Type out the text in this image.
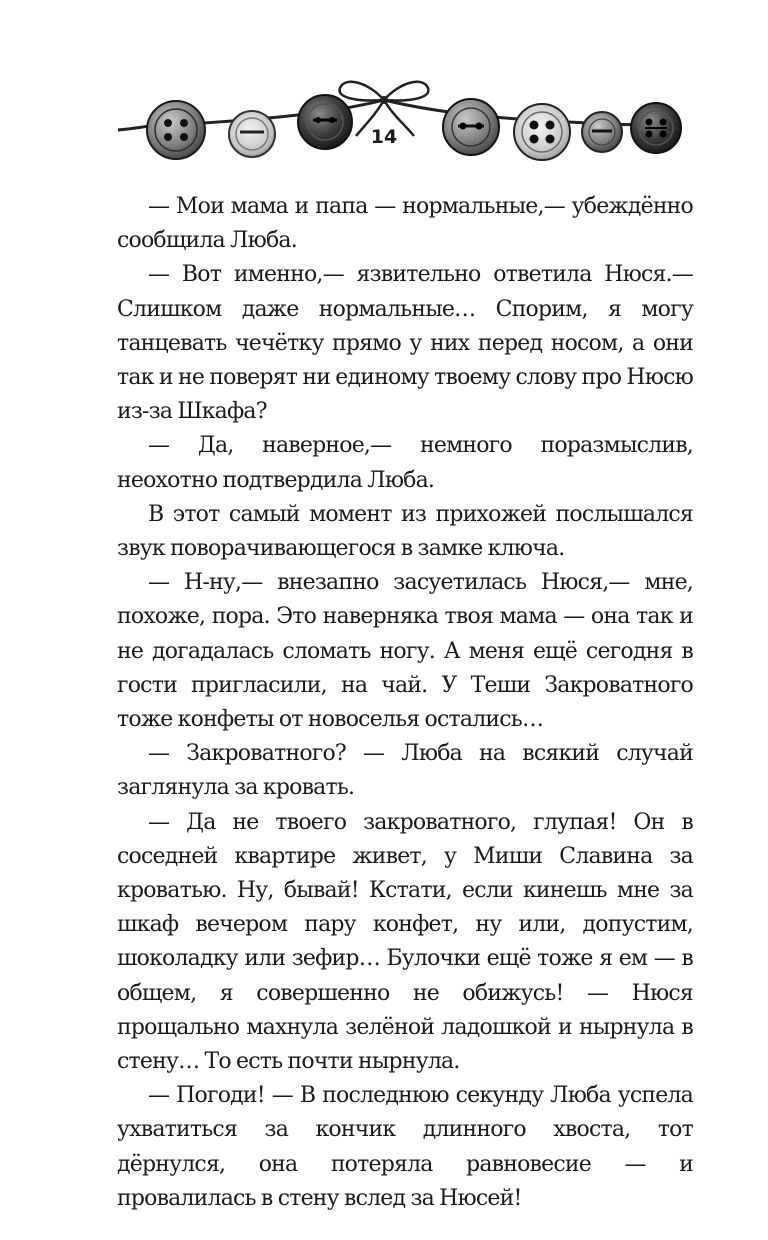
14

— Мои мама и папа — нормальные,— убеждённо сообщила Люба.

— Вот именно,— язвительно ответила Нюся.— Слишком даже нормальные… Спорим, я могу танцевать чечётку прямо у них перед носом, а они так и не поверят ни единому твоему слову про Нюсю из-за Шкафа?

— Да, наверное,— немного поразмыслив, неохотно подтвердила Люба.

В этот самый момент из прихожей послышался звук поворачивающегося в замке ключа.

— Н-ну,— внезапно засуетилась Нюся,— мне, похоже, пора. Это наверняка твоя мама — она так и не догадалась сломать ногу. А меня ещё сегодня в гости пригласили, на чай. У Теши Закроватного тоже конфеты от новоселья остались…

— Закроватного? — Люба на всякий случай заглянула за кровать.

— Да не твоего закроватного, глупая! Он в соседней квартире живет, у Миши Славина за кроватью. Ну, бывай! Кстати, если кинешь мне за шкаф вечером пару конфет, ну или, допустим, шоколадку или зефир… Булочки ещё тоже я ем — в общем, я совершенно не обижусь! — Нюся прощально махнула зелёной ладошкой и нырнула в стену… То есть почти нырнула.

— Погоди! — В последнюю секунду Люба успела ухватиться за кончик длинного хвоста, тот дёрнулся, она потеряла равновесие — и провалилась в стену вслед за Нюсей!
